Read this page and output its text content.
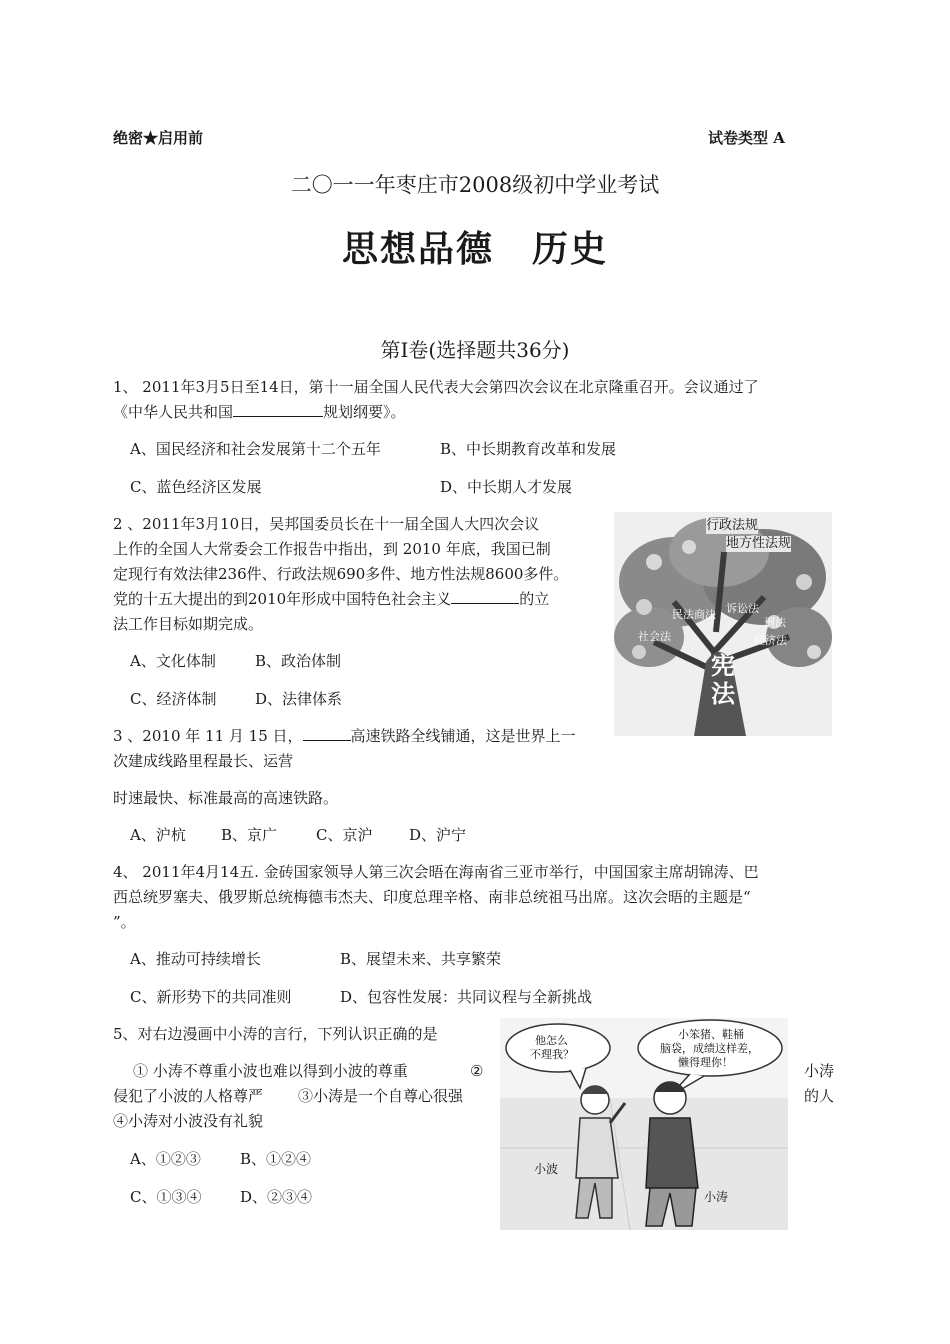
绝密★启用前	试卷类型 A
二〇一一年枣庄市2008级初中学业考试
思想品德　历史
第Ⅰ卷(选择题共36分)
1、 2011年3月5日至14日，第十一届全国人民代表大会第四次会议在北京隆重召开。会议通过了
《中华人民共和国	规划纲要》。
A、国民经济和社会发展第十二个五年	B、中长期教育改革和发展
C、蓝色经济区发展	D、中长期人才发展
2 、2011年3月10日，吴邦国委员长在十一届全国人大四次会议
上作的全国人大常委会工作报告中指出，到 2010 年底，我国已制
定现行有效法律236件、行政法规690多件、地方性法规8600多件。
党的十五大提出的到2010年形成中国特色社会主义	的立
法工作目标如期完成。
A、文化体制	B、政治体制
C、经济体制	D、法律体系
行政法规
地方性法规
民法商法 诉讼法
刑法
经济法
社会法
宪法
3 、2010 年 11 月 15 日，	高速铁路全线铺通，这是世界上一
次建成线路里程最长、运营
时速最快、标准最高的高速铁路。
A、沪杭 B、京广	C、京沪 D、沪宁
4、 2011年4月14五. 金砖国家领导人第三次会晤在海南省三亚市举行，中国国家主席胡锦涛、巴
西总统罗塞夫、俄罗斯总统梅德韦杰夫、印度总理辛格、南非总统祖马出席。这次会晤的主题是“
”。
A、推动可持续增长	B、展望未来、共享繁荣
C、新形势下的共同准则	D、包容性发展：共同议程与全新挑战
5、对右边漫画中小涛的言行，下列认识正确的是
① 小涛不尊重小波也难以得到小波的尊重	②	小涛
侵犯了小波的人格尊严 ③小涛是一个自尊心很强	的人
④小涛对小波没有礼貌
A、①②③	B、①②④
C、①③④	D、②③④
他怎么
不理我？
小笨猪、鞋桶
脑袋，成绩这样差，
懒得理你！
小波
小涛
